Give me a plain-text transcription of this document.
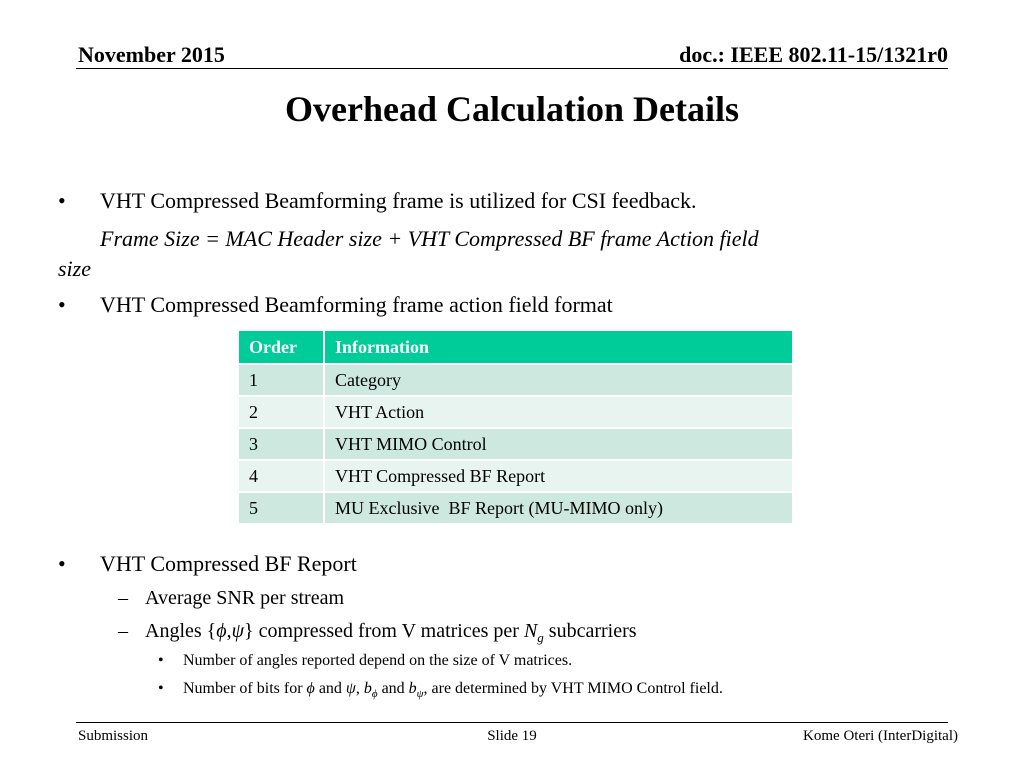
November 2015	doc.: IEEE 802.11-15/1321r0
Overhead Calculation Details
• VHT Compressed Beamforming frame is utilized for CSI feedback.
Frame Size = MAC Header size + VHT Compressed BF frame Action field
size
• VHT Compressed Beamforming frame action field format
Order	Information
1	Category
2	VHT Action
3	VHT MIMO Control
4	VHT Compressed BF Report
5	MU Exclusive  BF Report (MU-MIMO only)
• VHT Compressed BF Report
– Average SNR per stream
– Angles {ϕ,ψ} compressed from V matrices per $N_g$ subcarriers
• Number of angles reported depend on the size of V matrices.
• Number of bits for ϕ and ψ, $b_\phi$ and $b_\psi$, are determined by VHT MIMO Control field.
Submission	Slide 19	Kome Oteri (InterDigital)
